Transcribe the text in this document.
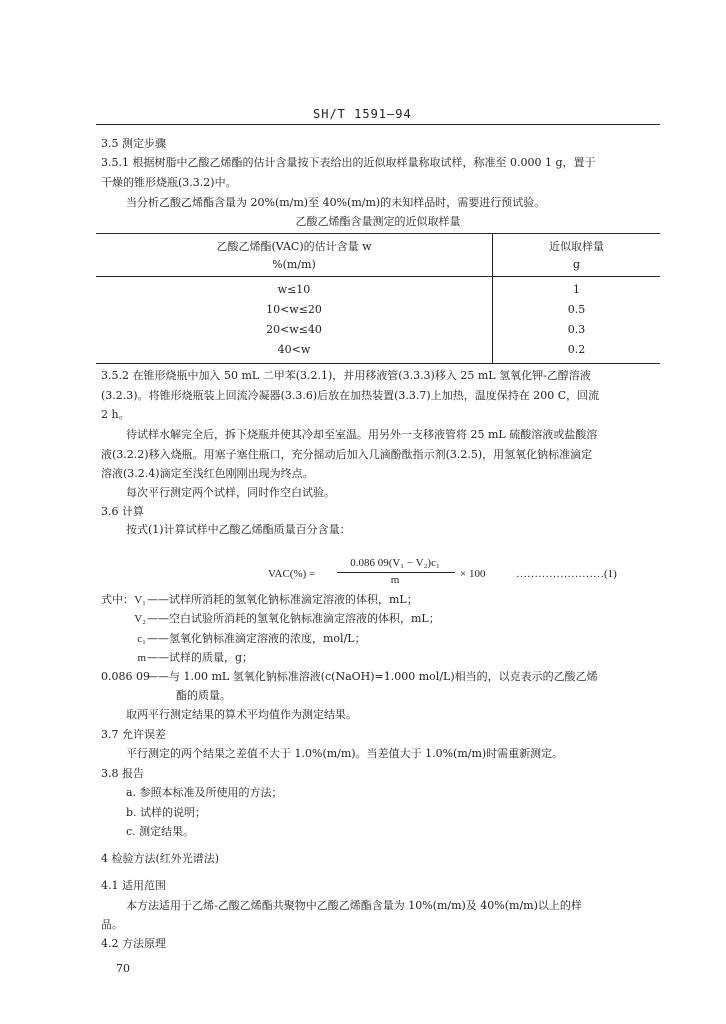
SH/T 1591—94
3.5 测定步骤
3.5.1 根据树脂中乙酸乙烯酯的估计含量按下表给出的近似取样量称取试样，称准至 0.000 1 g，置于
干燥的锥形烧瓶(3.3.2)中。
当分析乙酸乙烯酯含量为 20%(m/m)至 40%(m/m)的未知样品时，需要进行预试验。
乙酸乙烯酯含量测定的近似取样量
乙酸乙烯酯(VAC)的估计含量 w
%(m/m)
近似取样量
g
w≤10	1
10<w≤20	0.5
20<w≤40	0.3
40<w	0.2
3.5.2 在锥形烧瓶中加入 50 mL 二甲苯(3.2.1)，并用移液管(3.3.3)移入 25 mL 氢氧化钾-乙醇溶液
(3.2.3)。将锥形烧瓶装上回流冷凝器(3.3.6)后放在加热装置(3.3.7)上加热，温度保持在 200 C，回流
2 h。
待试样水解完全后，拆下烧瓶并使其冷却至室温。用另外一支移液管将 25 mL 硫酸溶液或盐酸溶
液(3.2.2)移入烧瓶。用塞子塞住瓶口，充分摇动后加入几滴酚酞指示剂(3.2.5)，用氢氧化钠标准滴定
溶液(3.2.4)滴定至浅红色刚刚出现为终点。
每次平行测定两个试样，同时作空白试验。
3.6 计算
按式(1)计算试样中乙酸乙烯酯质量百分含量：
VAC(%) =
0.086 09(V₁ − V₂)c₁
m	× 100	……………………(1)
式中： V₁ ——试样所消耗的氢氧化钠标准滴定溶液的体积，mL；
V₂ ——空白试验所消耗的氢氧化钠标准滴定溶液的体积，mL；
c₁ ——氢氧化钠标准滴定溶液的浓度，mol/L；
m ——试样的质量，g；
0.086 09
——与 1.00 mL 氢氧化钠标准溶液(c(NaOH)=1.000 mol/L)相当的，以克表示的乙酸乙烯
酯的质量。
取两平行测定结果的算术平均值作为测定结果。
3.7 允许误差
平行测定的两个结果之差值不大于 1.0%(m/m)。当差值大于 1.0%(m/m)时需重新测定。
3.8 报告
a. 参照本标准及所使用的方法；
b. 试样的说明；
c. 测定结果。
4 检验方法(红外光谱法)
4.1 适用范围
本方法适用于乙烯-乙酸乙烯酯共聚物中乙酸乙烯酯含量为 10%(m/m)及 40%(m/m)以上的样
品。
4.2 方法原理
70
